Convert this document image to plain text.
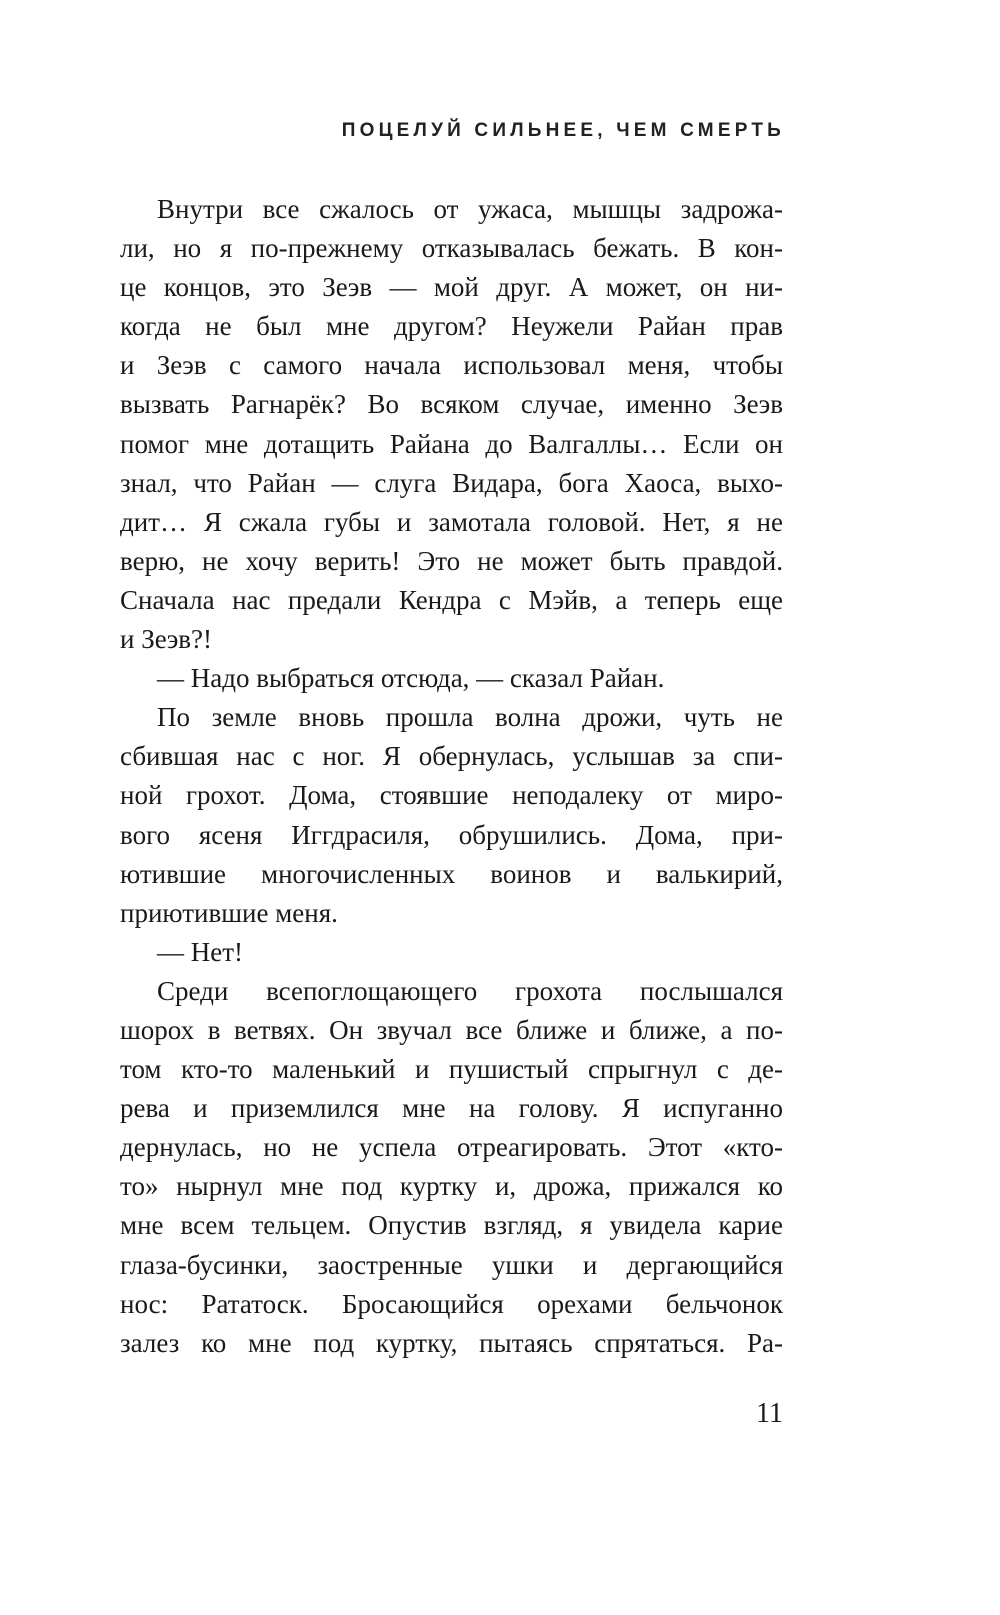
ПОЦЕЛУЙ СИЛЬНЕЕ, ЧЕМ СМЕРТЬ
Внутри все сжалось от ужаса, мышцы задрожа-
ли, но я по-прежнему отказывалась бежать. В кон-
це концов, это Зеэв — мой друг. А может, он ни-
когда не был мне другом? Неужели Райан прав
и Зеэв с самого начала использовал меня, чтобы
вызвать Рагнарёк? Во всяком случае, именно Зеэв
помог мне дотащить Райана до Валгаллы… Если он
знал, что Райан — слуга Видара, бога Хаоса, выхо-
дит… Я сжала губы и замотала головой. Нет, я не
верю, не хочу верить! Это не может быть правдой.
Сначала нас предали Кендра с Мэйв, а теперь еще
и Зеэв?!
— Надо выбраться отсюда, — сказал Райан.
По земле вновь прошла волна дрожи, чуть не
сбившая нас с ног. Я обернулась, услышав за спи-
ной грохот. Дома, стоявшие неподалеку от миро-
вого ясеня Иггдрасиля, обрушились. Дома, при-
ютившие многочисленных воинов и валькирий,
приютившие меня.
— Нет!
Среди всепоглощающего грохота послышался
шорох в ветвях. Он звучал все ближе и ближе, а по-
том кто-то маленький и пушистый спрыгнул с де-
рева и приземлился мне на голову. Я испуганно
дернулась, но не успела отреагировать. Этот «кто-
то» нырнул мне под куртку и, дрожа, прижался ко
мне всем тельцем. Опустив взгляд, я увидела карие
глаза-бусинки, заостренные ушки и дергающийся
нос: Рататоск. Бросающийся орехами бельчонок
залез ко мне под куртку, пытаясь спрятаться. Ра-
11
